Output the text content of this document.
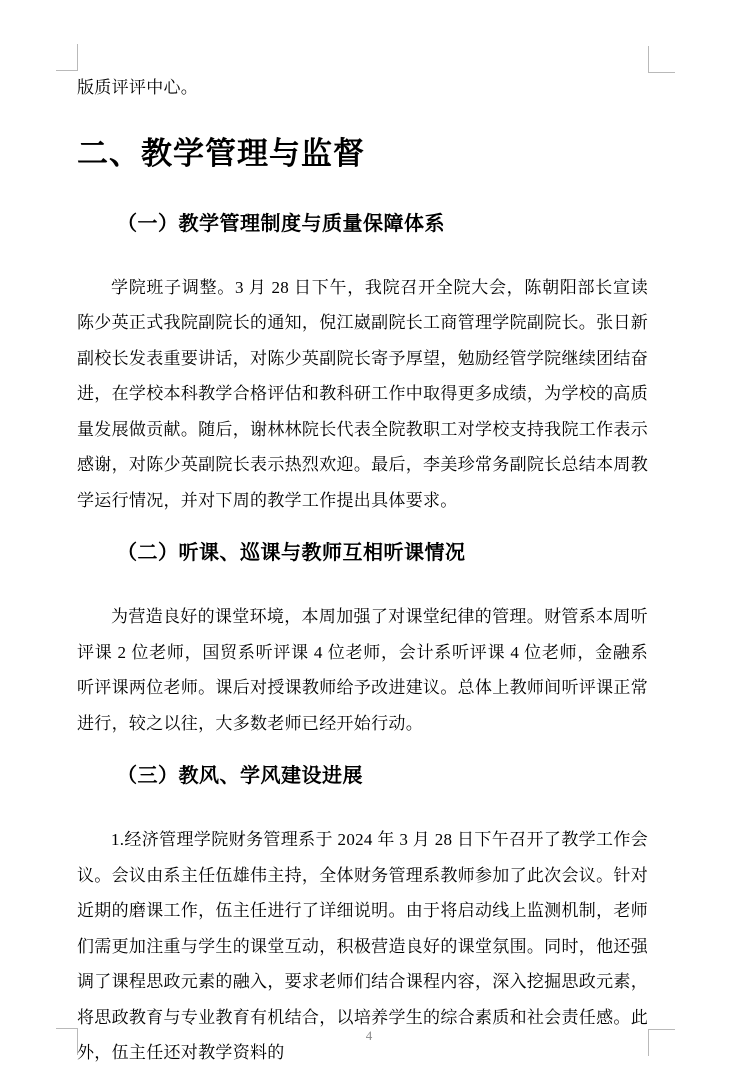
版质评评中心。

二、教学管理与监督
（一）教学管理制度与质量保障体系

学院班子调整。3 月 28 日下午，我院召开全院大会，陈朝阳部长宣读陈少英正式我院副院长的通知，倪江崴副院长工商管理学院副院长。张日新副校长发表重要讲话，对陈少英副院长寄予厚望，勉励经管学院继续团结奋进，在学校本科教学合格评估和教科研工作中取得更多成绩，为学校的高质量发展做贡献。随后，谢林林院长代表全院教职工对学校支持我院工作表示感谢，对陈少英副院长表示热烈欢迎。最后，李美珍常务副院长总结本周教学运行情况，并对下周的教学工作提出具体要求。

（二）听课、巡课与教师互相听课情况

为营造良好的课堂环境，本周加强了对课堂纪律的管理。财管系本周听评课 2 位老师，国贸系听评课 4 位老师，会计系听评课 4 位老师，金融系听评课两位老师。课后对授课教师给予改进建议。总体上教师间听评课正常进行，较之以往，大多数老师已经开始行动。

（三）教风、学风建设进展

1.经济管理学院财务管理系于 2024 年 3 月 28 日下午召开了教学工作会议。会议由系主任伍雄伟主持，全体财务管理系教师参加了此次会议。针对近期的磨课工作，伍主任进行了详细说明。由于将启动线上监测机制，老师们需更加注重与学生的课堂互动，积极营造良好的课堂氛围。同时，他还强调了课程思政元素的融入，要求老师们结合课程内容，深入挖掘思政元素，将思政教育与专业教育有机结合，以培养学生的综合素质和社会责任感。此外，伍主任还对教学资料的

4
